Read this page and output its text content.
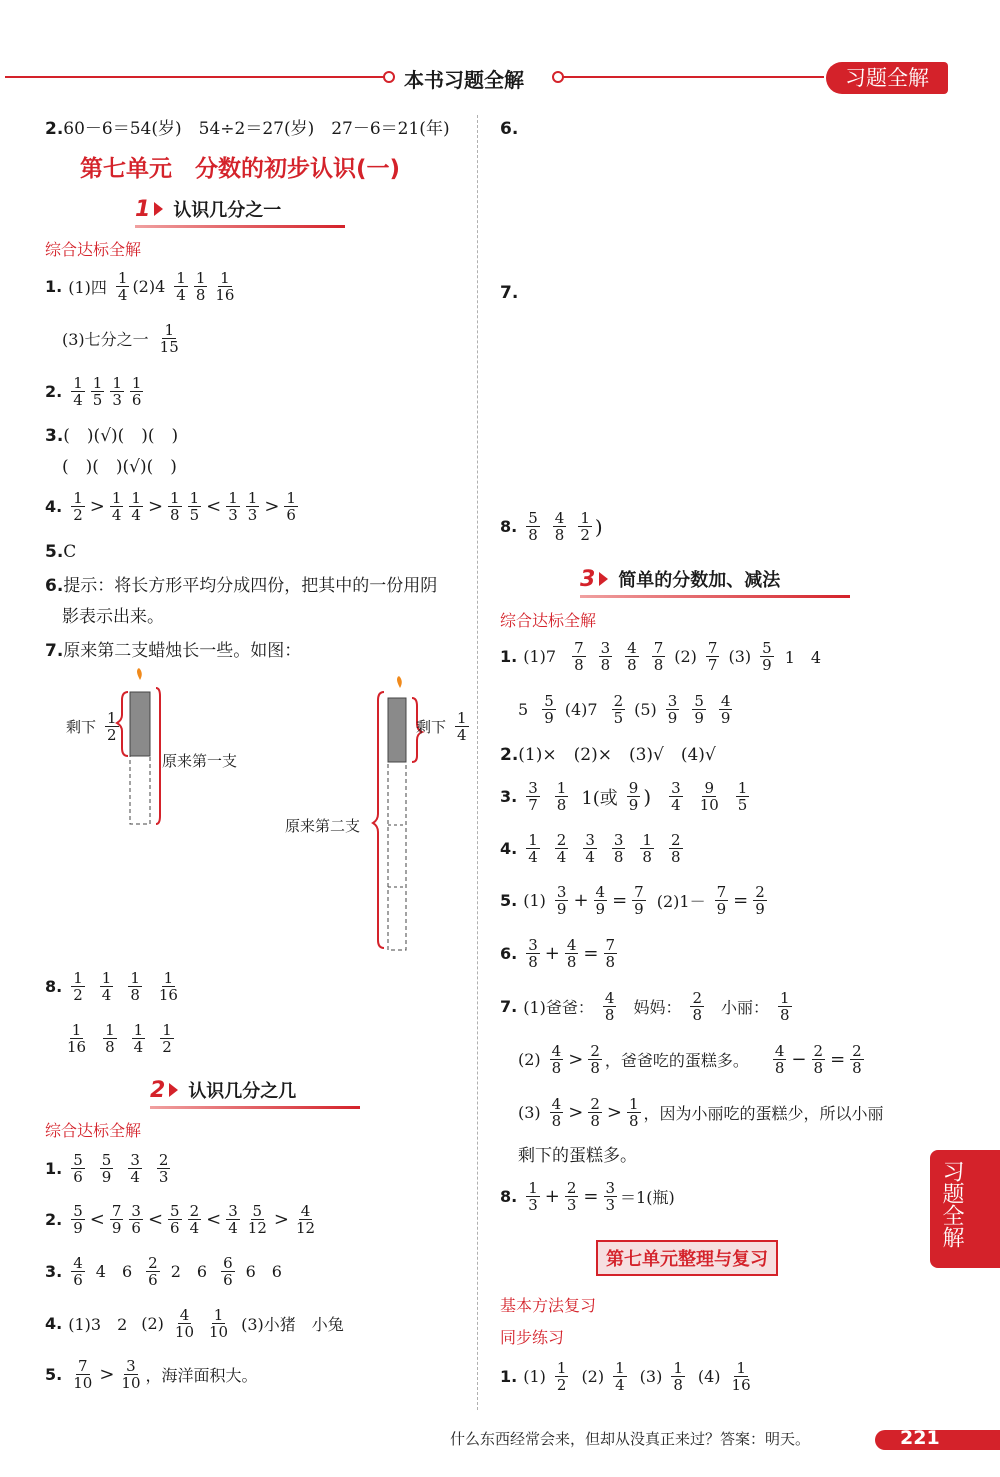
本书习题全解	习题全解
2.60－6＝54(岁)　54÷2＝27(岁)　27－6＝21(年)
第七单元　分数的初步认识(一)
1 认识几分之一
综合达标全解
1. (1)四 $\frac{1}{4} (2)4 \frac{1}{4} \frac{1}{8} \frac{1}{16}$
(3)七分之一 $\frac{1}{15}$
2. $\frac{1}{4} \frac{1}{5} \frac{1}{3} \frac{1}{6}$
3.(　)(√)(　)(　)
(　)(　)(√)(　)
4. $\frac{1}{2} > \frac{1}{4} \frac{1}{4} > \frac{1}{8} \frac{1}{5} < \frac{1}{3} \frac{1}{3} > \frac{1}{6}$
5.C
6.提示：将长方形平均分成四份，把其中的一份用阴
影表示出来。
7.原来第二支蜡烛长一些。如图：
剩下 $\frac{1}{2}$
原来第一支
剩下 $\frac{1}{4}$
原来第二支
8. $\frac{1}{2} \frac{1}{4} \frac{1}{8} \frac{1}{16}$
$\frac{1}{16} \frac{1}{8} \frac{1}{4} \frac{1}{2}$
2 认识几分之几
综合达标全解
1. $\frac{5}{6} \frac{5}{9} \frac{3}{4} \frac{2}{3}$
2. $\frac{5}{9} < \frac{7}{9} \frac{3}{6} < \frac{5}{6} \frac{2}{4} < \frac{3}{4} \frac{5}{12} > \frac{4}{12}$
3. $\frac{4}{6} 4$ $6 \frac{2}{6} 2$ $6 \frac{6}{6} 6$ 6
4. (1)3　2 $(2) \frac{4}{10} \frac{1}{10} (3)$小猪　小兔
5. $\frac{7}{10} > \frac{3}{10}$ ，海洋面积大。
6.
7.
8. $\frac{5}{8} \frac{4}{8} \frac{1}{2}$ )
3 简单的分数加、减法
综合达标全解
1. $(1)7 \frac{7}{8} \frac{3}{8} \frac{4}{8} \frac{7}{8} (2) \frac{7}{7} (3) \frac{5}{9} 1$　4
$5 \frac{5}{9} (4)7 \frac{2}{5} (5) \frac{3}{9} \frac{5}{9} \frac{4}{9}$
2.(1)×　(2)×　(3)√　(4)√
3. $\frac{3}{7} \frac{1}{8} 1$(或 $\frac{9}{9}$ ) $\frac{3}{4} \frac{9}{10} \frac{1}{5}$
4. $\frac{1}{4} \frac{2}{4} \frac{3}{4} \frac{3}{8} \frac{1}{8} \frac{2}{8}$
5. $(1) \frac{3}{9} + \frac{4}{9} = \frac{7}{9} (2)1- \frac{7}{9} = \frac{2}{9}$
6. $\frac{3}{8} + \frac{4}{8} = \frac{7}{8}$
7. (1)爸爸： $\frac{4}{8}$ 妈妈： $\frac{2}{8}$ 小丽： $\frac{1}{8}$
$(2) \frac{4}{8} > \frac{2}{8}$ ，爸爸吃的蛋糕多。 $\frac{4}{8} - \frac{2}{8} = \frac{2}{8}$
$(3) \frac{4}{8} > \frac{2}{8} > \frac{1}{8}$ ，因为小丽吃的蛋糕少，所以小丽
剩下的蛋糕多。
8. $\frac{1}{3} + \frac{2}{3} = \frac{3}{3} =1$(瓶)
第七单元整理与复习
基本方法复习
同步练习
1. $(1) \frac{1}{2} (2) \frac{1}{4} (3) \frac{1}{8} (4) \frac{1}{16}$
习题全解
什么东西经常会来，但却从没真正来过？答案：明天。	221
